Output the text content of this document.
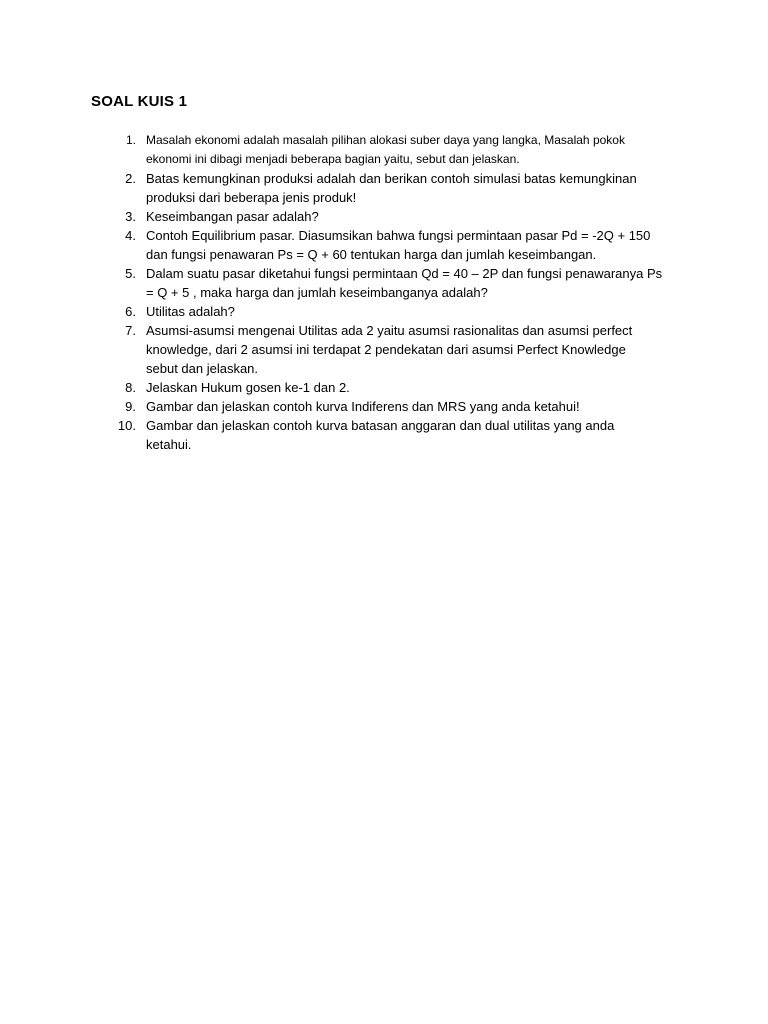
SOAL KUIS 1
1. Masalah ekonomi adalah masalah pilihan alokasi suber daya yang langka, Masalah pokok
ekonomi ini dibagi menjadi beberapa bagian yaitu, sebut dan jelaskan.
2. Batas kemungkinan produksi adalah dan berikan contoh simulasi batas kemungkinan
produksi dari beberapa jenis produk!
3. Keseimbangan pasar adalah?
4. Contoh Equilibrium pasar. Diasumsikan bahwa fungsi permintaan pasar Pd = -2Q + 150
dan fungsi penawaran Ps = Q + 60 tentukan harga dan jumlah keseimbangan.
5. Dalam suatu pasar diketahui fungsi permintaan Qd = 40 – 2P dan fungsi penawaranya Ps
= Q + 5 , maka harga dan jumlah keseimbanganya adalah?
6. Utilitas adalah?
7. Asumsi-asumsi mengenai Utilitas ada 2 yaitu asumsi rasionalitas dan asumsi perfect
knowledge, dari 2 asumsi ini terdapat 2 pendekatan dari asumsi Perfect Knowledge
sebut dan jelaskan.
8. Jelaskan Hukum gosen ke-1 dan 2.
9. Gambar dan jelaskan contoh kurva Indiferens dan MRS yang anda ketahui!
10. Gambar dan jelaskan contoh kurva batasan anggaran dan dual utilitas yang anda
ketahui.
